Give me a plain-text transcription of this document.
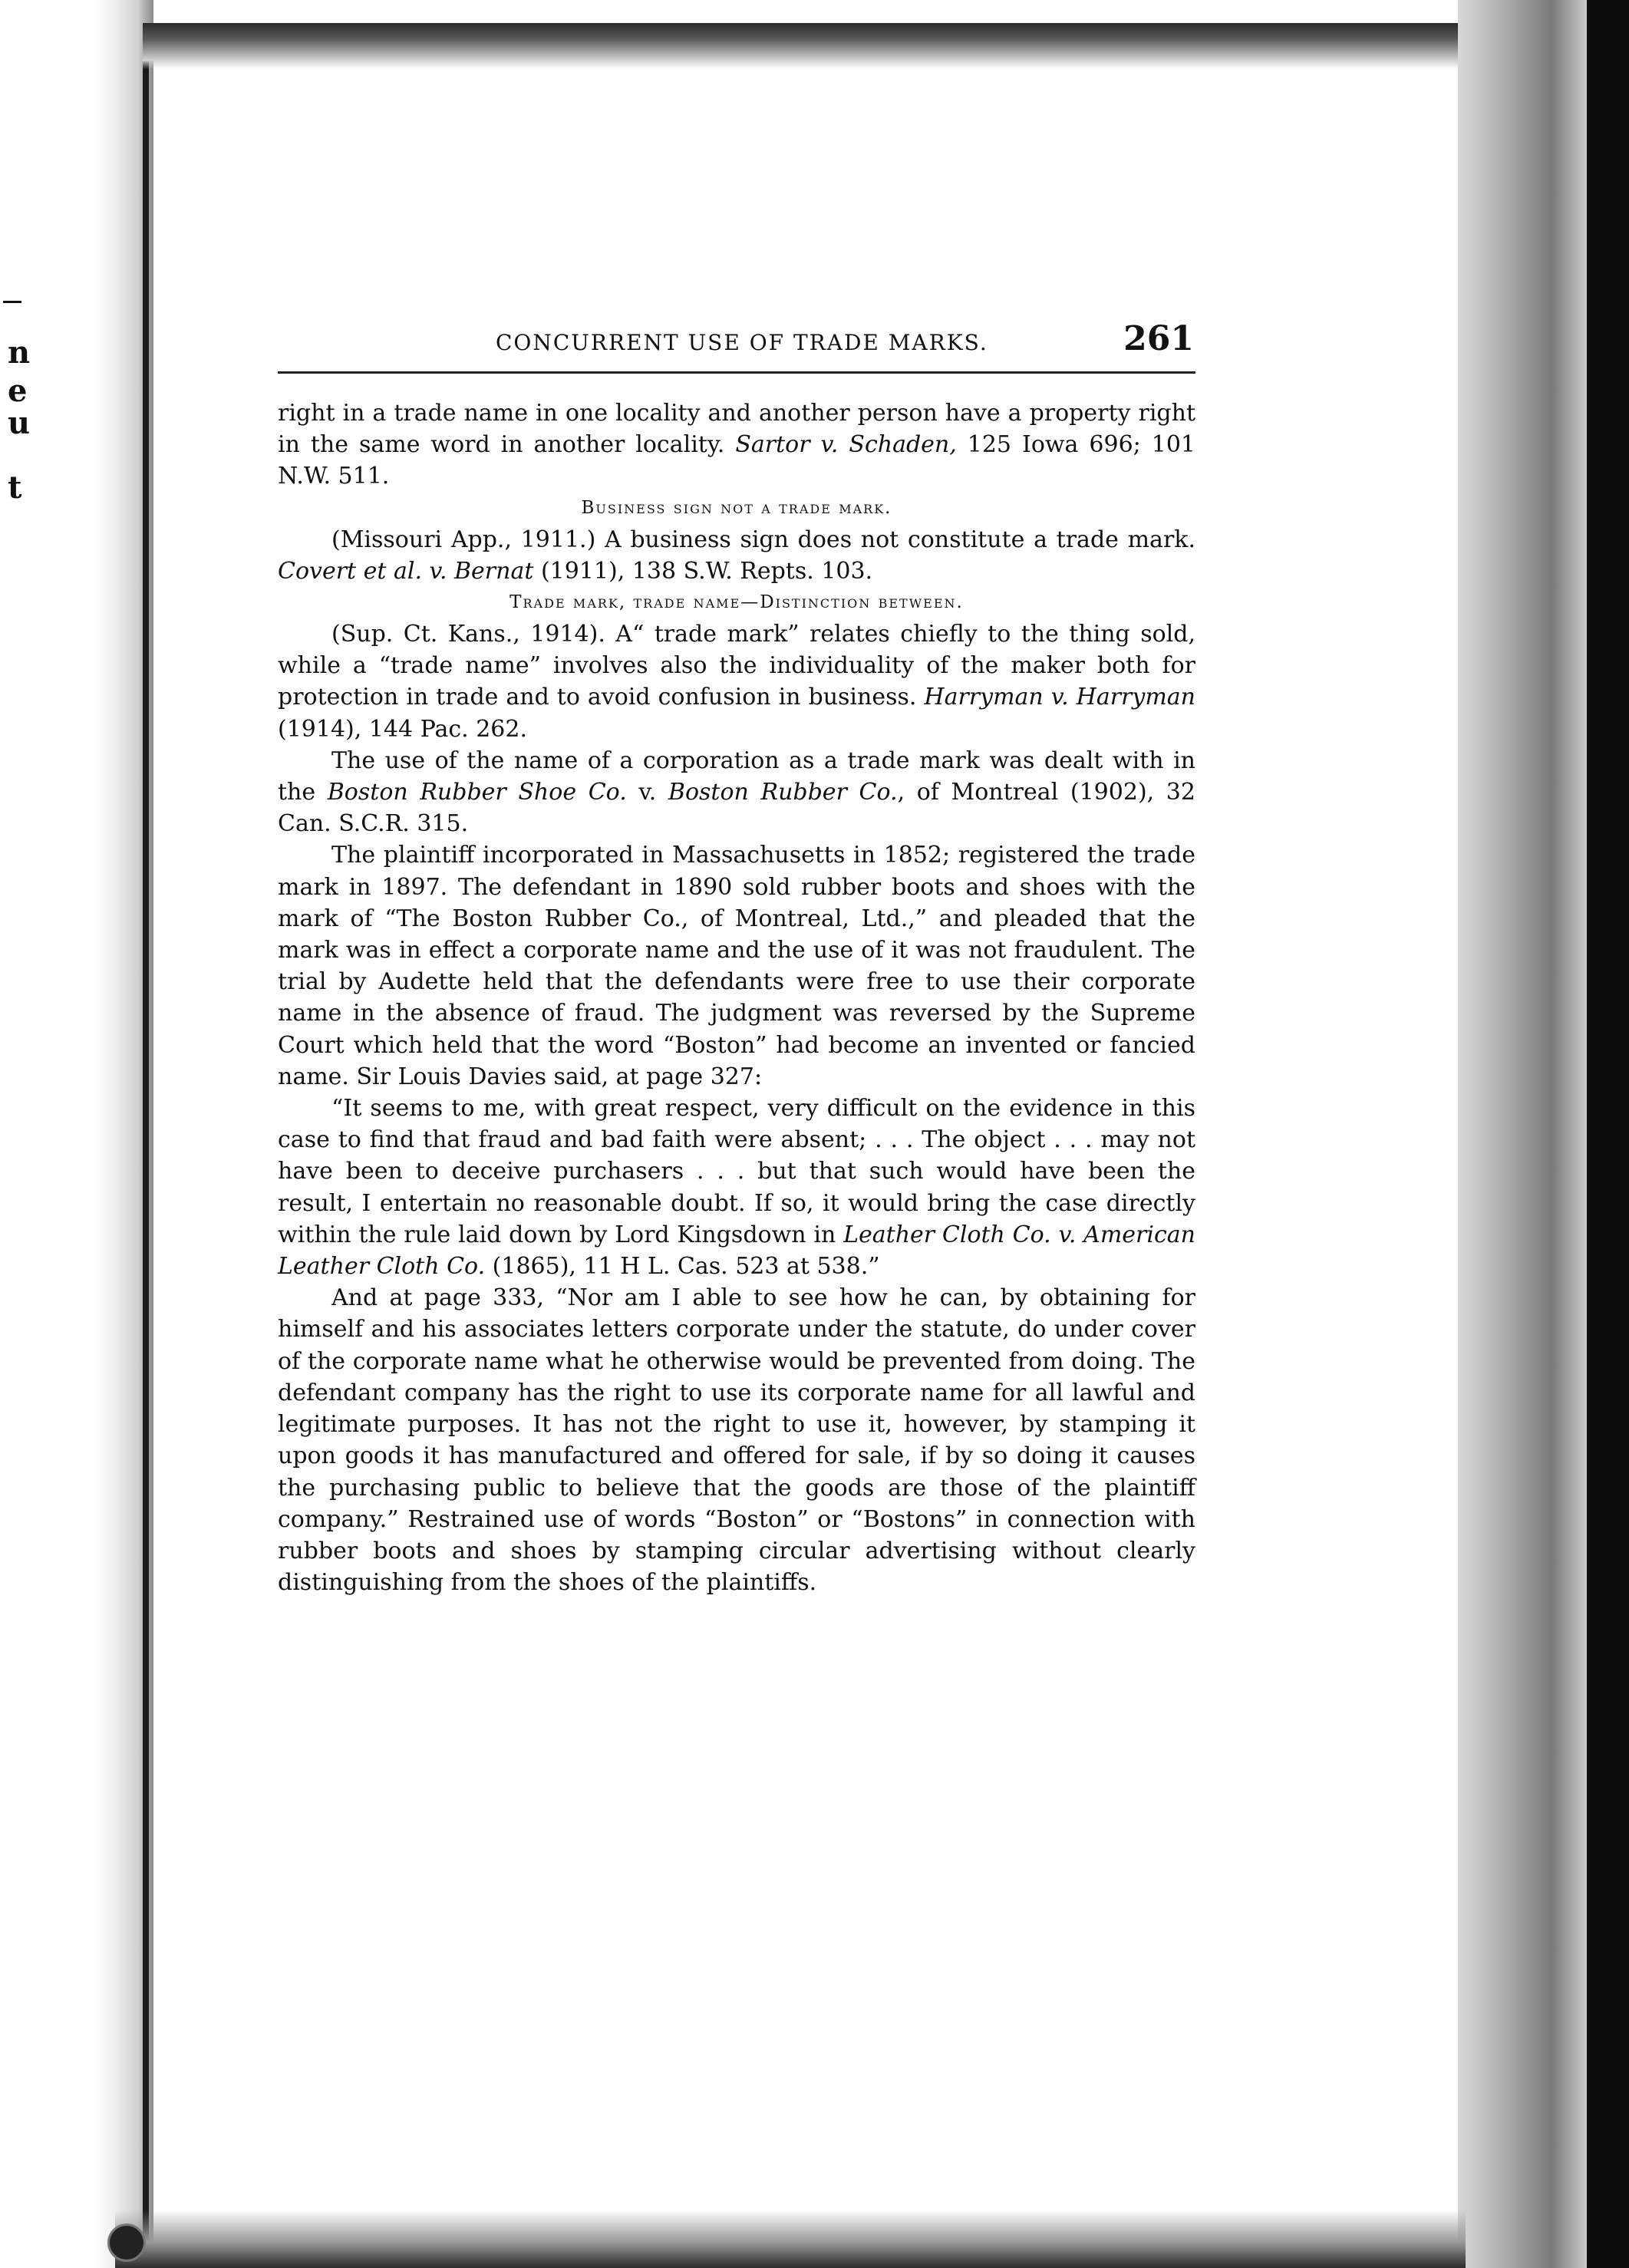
n
e
u
t
CONCURRENT USE OF TRADE MARKS.	261

right in a trade name in one locality and another person have a property right in the same word in another locality. Sartor v. Schaden, 125 Iowa 696; 101 N.W. 511.

Business sign not a trade mark.

(Missouri App., 1911.) A business sign does not constitute a trade mark. Covert et al. v. Bernat (1911), 138 S.W. Repts. 103.

Trade mark, trade name—Distinction between.

(Sup. Ct. Kans., 1914). A“ trade mark” relates chiefly to the thing sold, while a “trade name” involves also the individuality of the maker both for protection in trade and to avoid confusion in business. Harryman v. Harryman (1914), 144 Pac. 262.

The use of the name of a corporation as a trade mark was dealt with in the Boston Rubber Shoe Co. v. Boston Rubber Co., of Montreal (1902), 32 Can. S.C.R. 315.

The plaintiff incorporated in Massachusetts in 1852; registered the trade mark in 1897. The defendant in 1890 sold rubber boots and shoes with the mark of “The Boston Rubber Co., of Montreal, Ltd.,” and pleaded that the mark was in effect a corporate name and the use of it was not fraudulent. The trial by Audette held that the defendants were free to use their corporate name in the absence of fraud. The judgment was reversed by the Supreme Court which held that the word “Boston” had become an invented or fancied name. Sir Louis Davies said, at page 327:

“It seems to me, with great respect, very difficult on the evidence in this case to find that fraud and bad faith were absent; . . . The object . . . may not have been to deceive purchasers . . . but that such would have been the result, I entertain no reasonable doubt. If so, it would bring the case directly within the rule laid down by Lord Kingsdown in Leather Cloth Co. v. American Leather Cloth Co. (1865), 11 H L. Cas. 523 at 538.”

And at page 333, “Nor am I able to see how he can, by obtaining for himself and his associates letters corporate under the statute, do under cover of the corporate name what he otherwise would be prevented from doing. The defendant company has the right to use its corporate name for all lawful and legitimate purposes. It has not the right to use it, however, by stamping it upon goods it has manufactured and offered for sale, if by so doing it causes the purchasing public to believe that the goods are those of the plaintiff company.” Restrained use of words “Boston” or “Bostons” in connection with rubber boots and shoes by stamping circular advertising without clearly distinguishing from the shoes of the plaintiffs.
